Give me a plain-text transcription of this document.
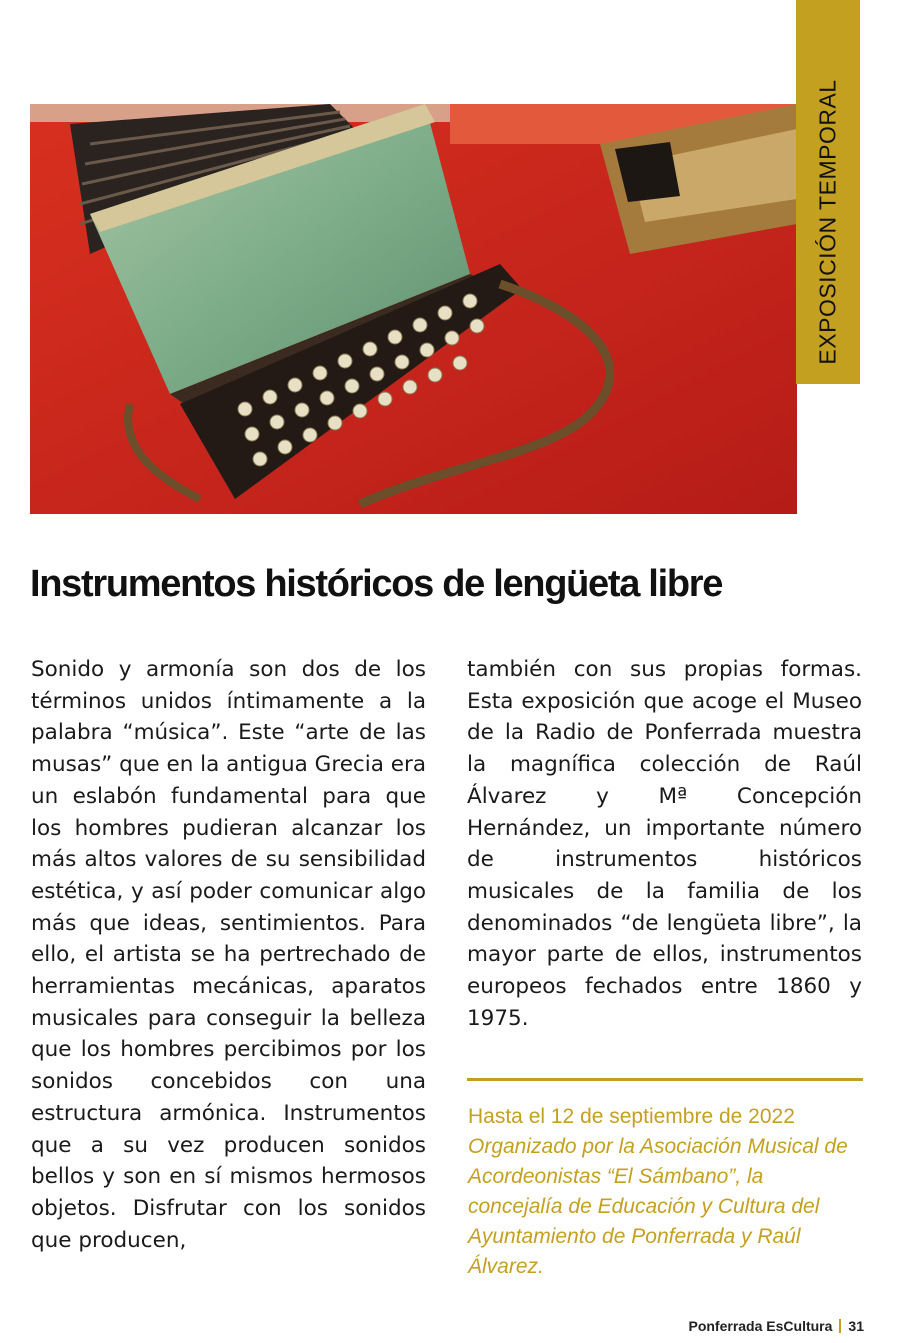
EXPOSICIÓN TEMPORAL
Instrumentos históricos de lengüeta libre

Sonido y armonía son dos de los términos unidos íntimamente a la palabra “música”. Este “arte de las musas” que en la antigua Grecia era un eslabón fundamental para que los hombres pudieran alcanzar los más altos valores de su sensibilidad estética, y así poder comunicar algo más que ideas, sentimientos. Para ello, el artista se ha pertrechado de herramientas mecánicas, aparatos musicales para conseguir la belleza que los hombres percibimos por los sonidos concebidos con una estructura armónica. Instrumentos que a su vez producen sonidos bellos y son en sí mismos hermosos objetos. Disfrutar con los sonidos que producen,

también con sus propias formas. Esta exposición que acoge el Museo de la Radio de Ponferrada muestra la magnífica colección de Raúl Álvarez y Mª Concepción Hernández, un importante número de instrumentos históricos musicales de la familia de los denominados “de lengüeta libre”, la mayor parte de ellos, instrumentos europeos fechados entre 1860 y 1975.

Hasta el 12 de septiembre de 2022
Organizado por la Asociación Musical de Acordeonistas “El Sámbano”, la concejalía de Educación y Cultura del Ayuntamiento de Ponferrada y Raúl Álvarez.
Ponferrada EsCultura 31
